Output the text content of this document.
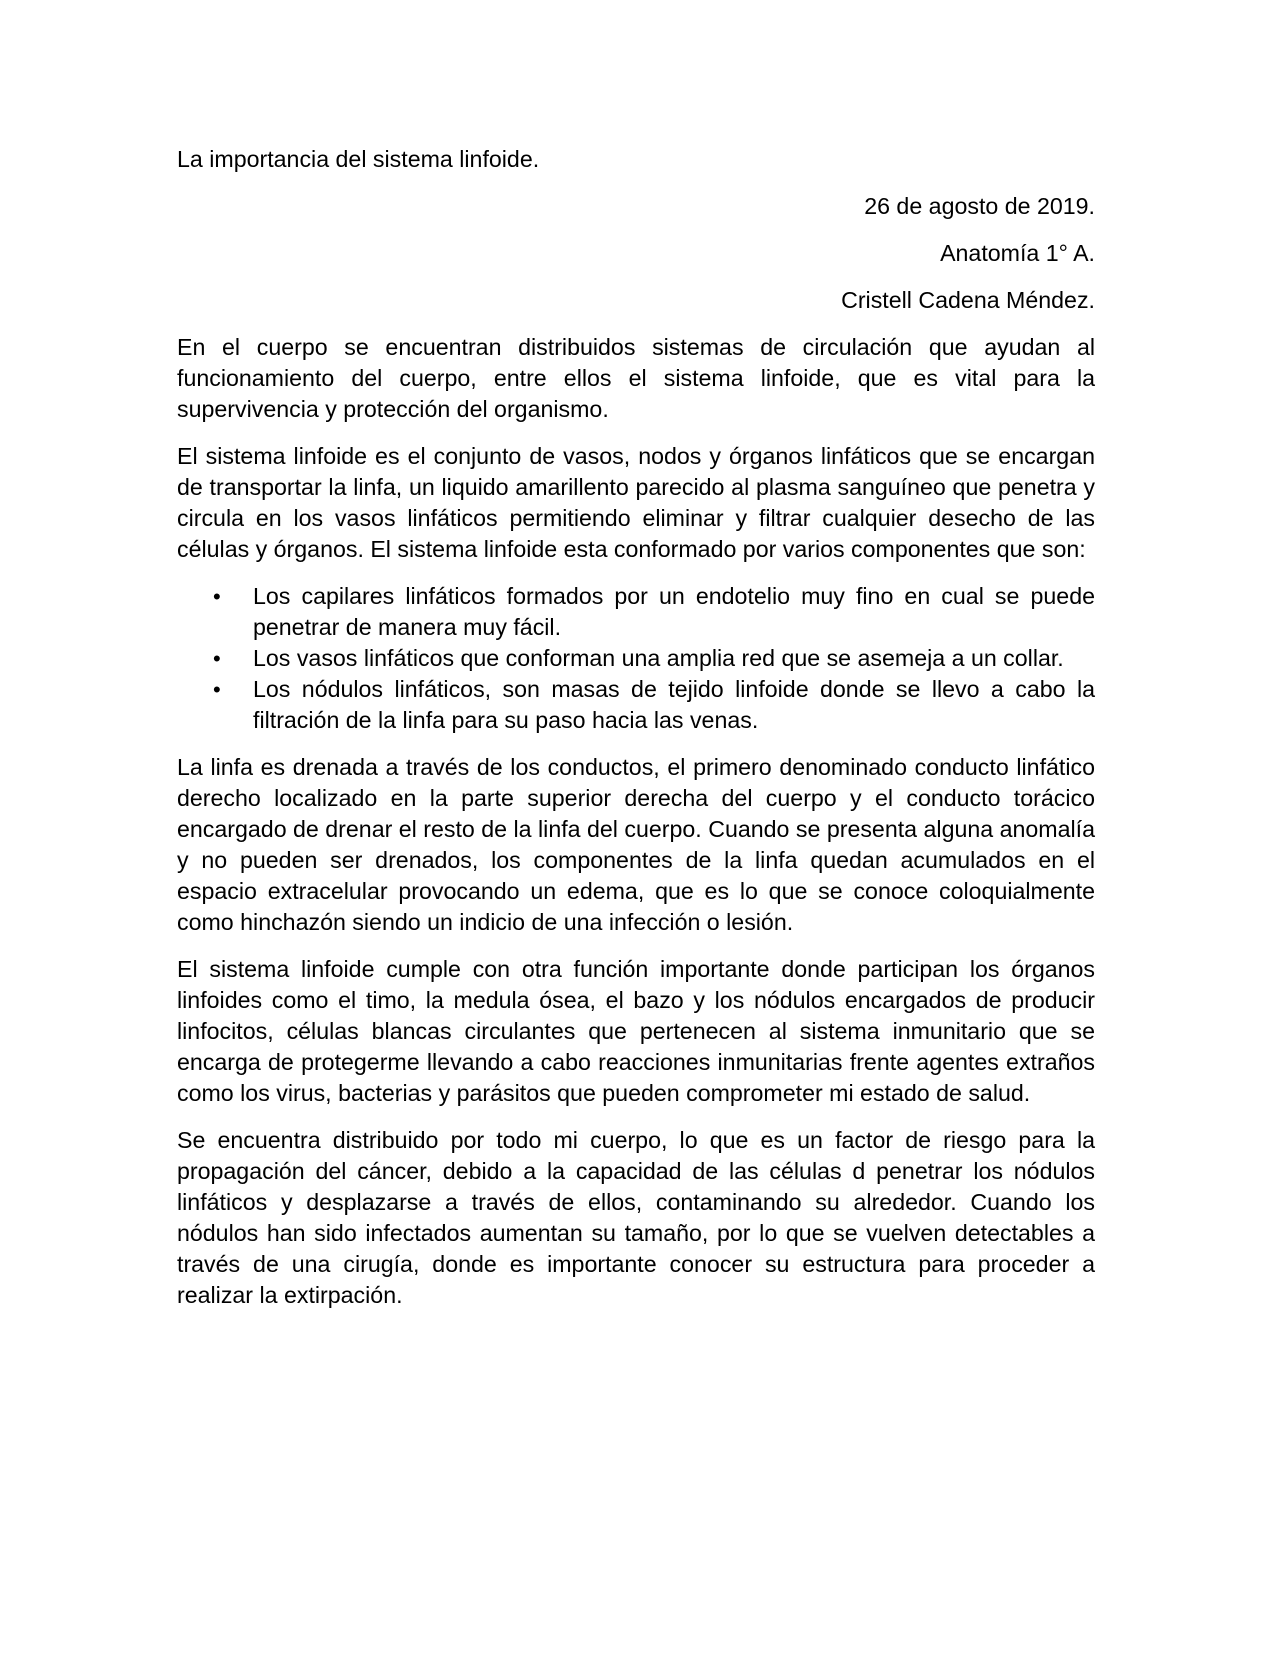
La importancia del sistema linfoide.

26 de agosto de 2019.

Anatomía 1° A.

Cristell Cadena Méndez.

En el cuerpo se encuentran distribuidos sistemas de circulación que ayudan al funcionamiento del cuerpo, entre ellos el sistema linfoide, que es vital para la supervivencia y protección del organismo.

El sistema linfoide es el conjunto de vasos, nodos y órganos linfáticos que se encargan de transportar la linfa, un liquido amarillento parecido al plasma sanguíneo que penetra y circula en los vasos linfáticos permitiendo eliminar y filtrar cualquier desecho de las células y órganos. El sistema linfoide esta conformado por varios componentes que son:

• Los capilares linfáticos formados por un endotelio muy fino en cual se puede penetrar de manera muy fácil.
• Los vasos linfáticos que conforman una amplia red que se asemeja a un collar.
• Los nódulos linfáticos, son masas de tejido linfoide donde se llevo a cabo la filtración de la linfa para su paso hacia las venas.

La linfa es drenada a través de los conductos, el primero denominado conducto linfático derecho localizado en la parte superior derecha del cuerpo y el conducto torácico encargado de drenar el resto de la linfa del cuerpo. Cuando se presenta alguna anomalía y no pueden ser drenados, los componentes de la linfa quedan acumulados en el espacio extracelular provocando un edema, que es lo que se conoce coloquialmente como hinchazón siendo un indicio de una infección o lesión.

El sistema linfoide cumple con otra función importante donde participan los órganos linfoides como el timo, la medula ósea, el bazo y los nódulos encargados de producir linfocitos, células blancas circulantes que pertenecen al sistema inmunitario que se encarga de protegerme llevando a cabo reacciones inmunitarias frente agentes extraños como los virus, bacterias y parásitos que pueden comprometer mi estado de salud.

Se encuentra distribuido por todo mi cuerpo, lo que es un factor de riesgo para la propagación del cáncer, debido a la capacidad de las células d penetrar los nódulos linfáticos y desplazarse a través de ellos, contaminando su alrededor. Cuando los nódulos han sido infectados aumentan su tamaño, por lo que se vuelven detectables a través de una cirugía, donde es importante conocer su estructura para proceder a realizar la extirpación.
